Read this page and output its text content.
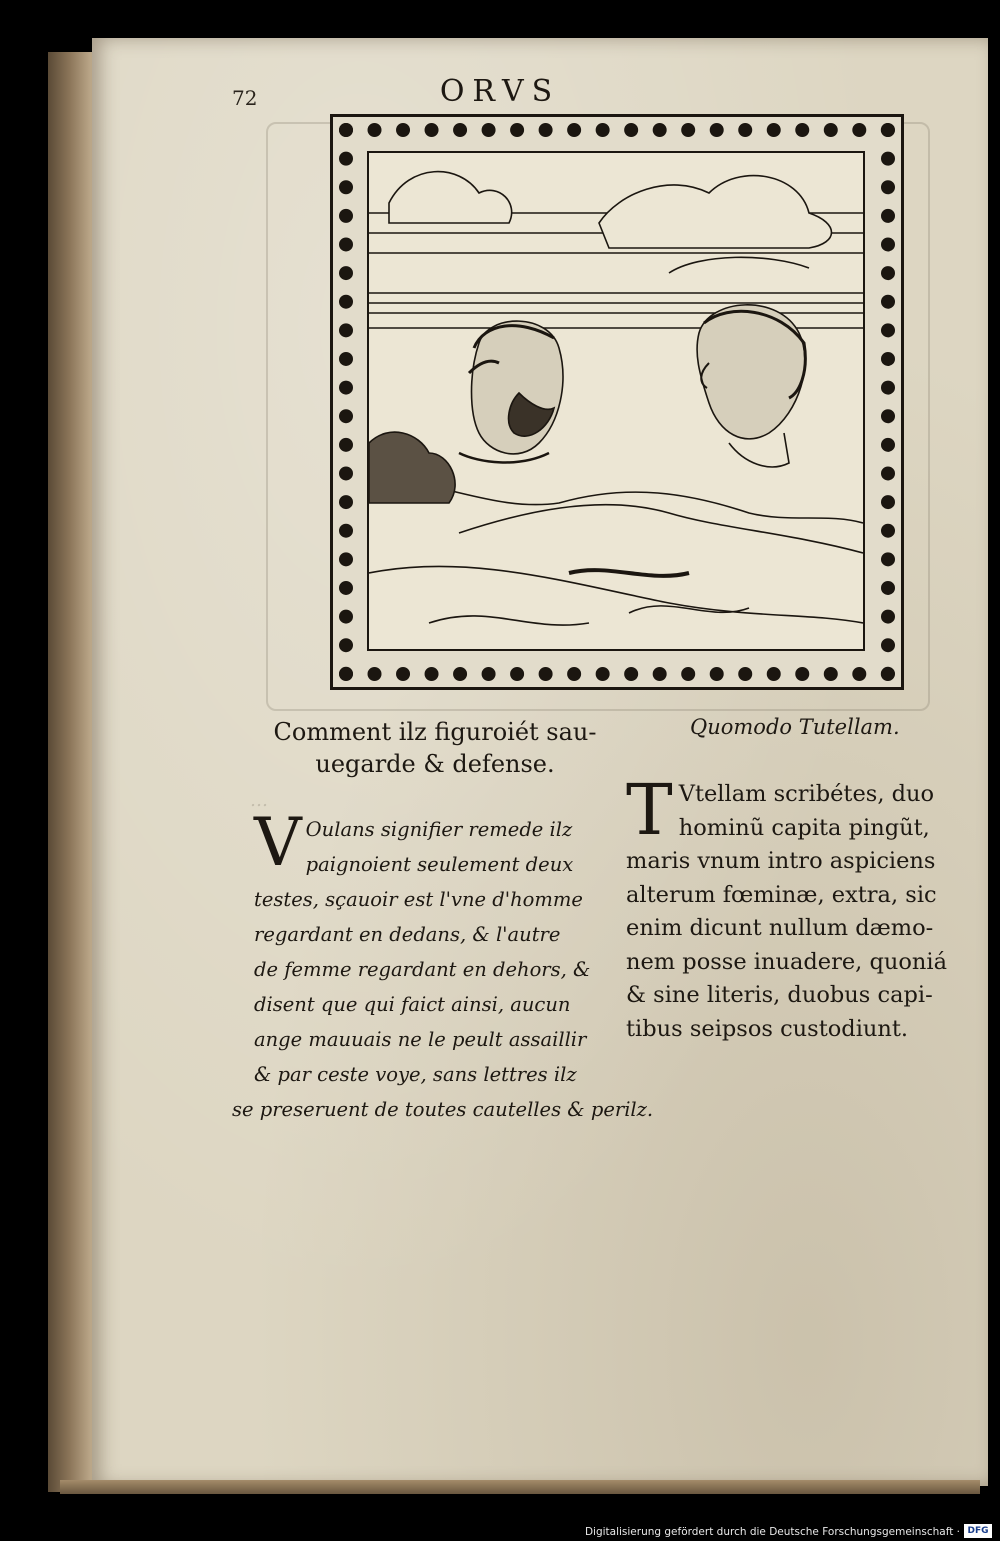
72	ORVS
…
Comment ilz figuroiét sau-
uegarde & defense.
Quomodo Tutellam.
V Oulans signifier remede ilz
paignoient seulement deux
testes, sçauoir est l'vne d'homme
regardant en dedans, & l'autre
de femme regardant en dehors, &
disent que qui faict ainsi, aucun
ange mauuais ne le peult assaillir
& par ceste voye, sans lettres ilz
se preseruent de toutes cautelles & perilz.
T Vtellam scribétes, duo
hominũ capita pingũt,
maris vnum intro aspiciens
alterum fœminæ, extra, sic
enim dicunt nullum dæmo-
nem posse inuadere, quoniá
& sine literis, duobus capi-
tibus seipsos custodiunt.
Digitalisierung gefördert durch die Deutsche Forschungsgemeinschaft · DFG
